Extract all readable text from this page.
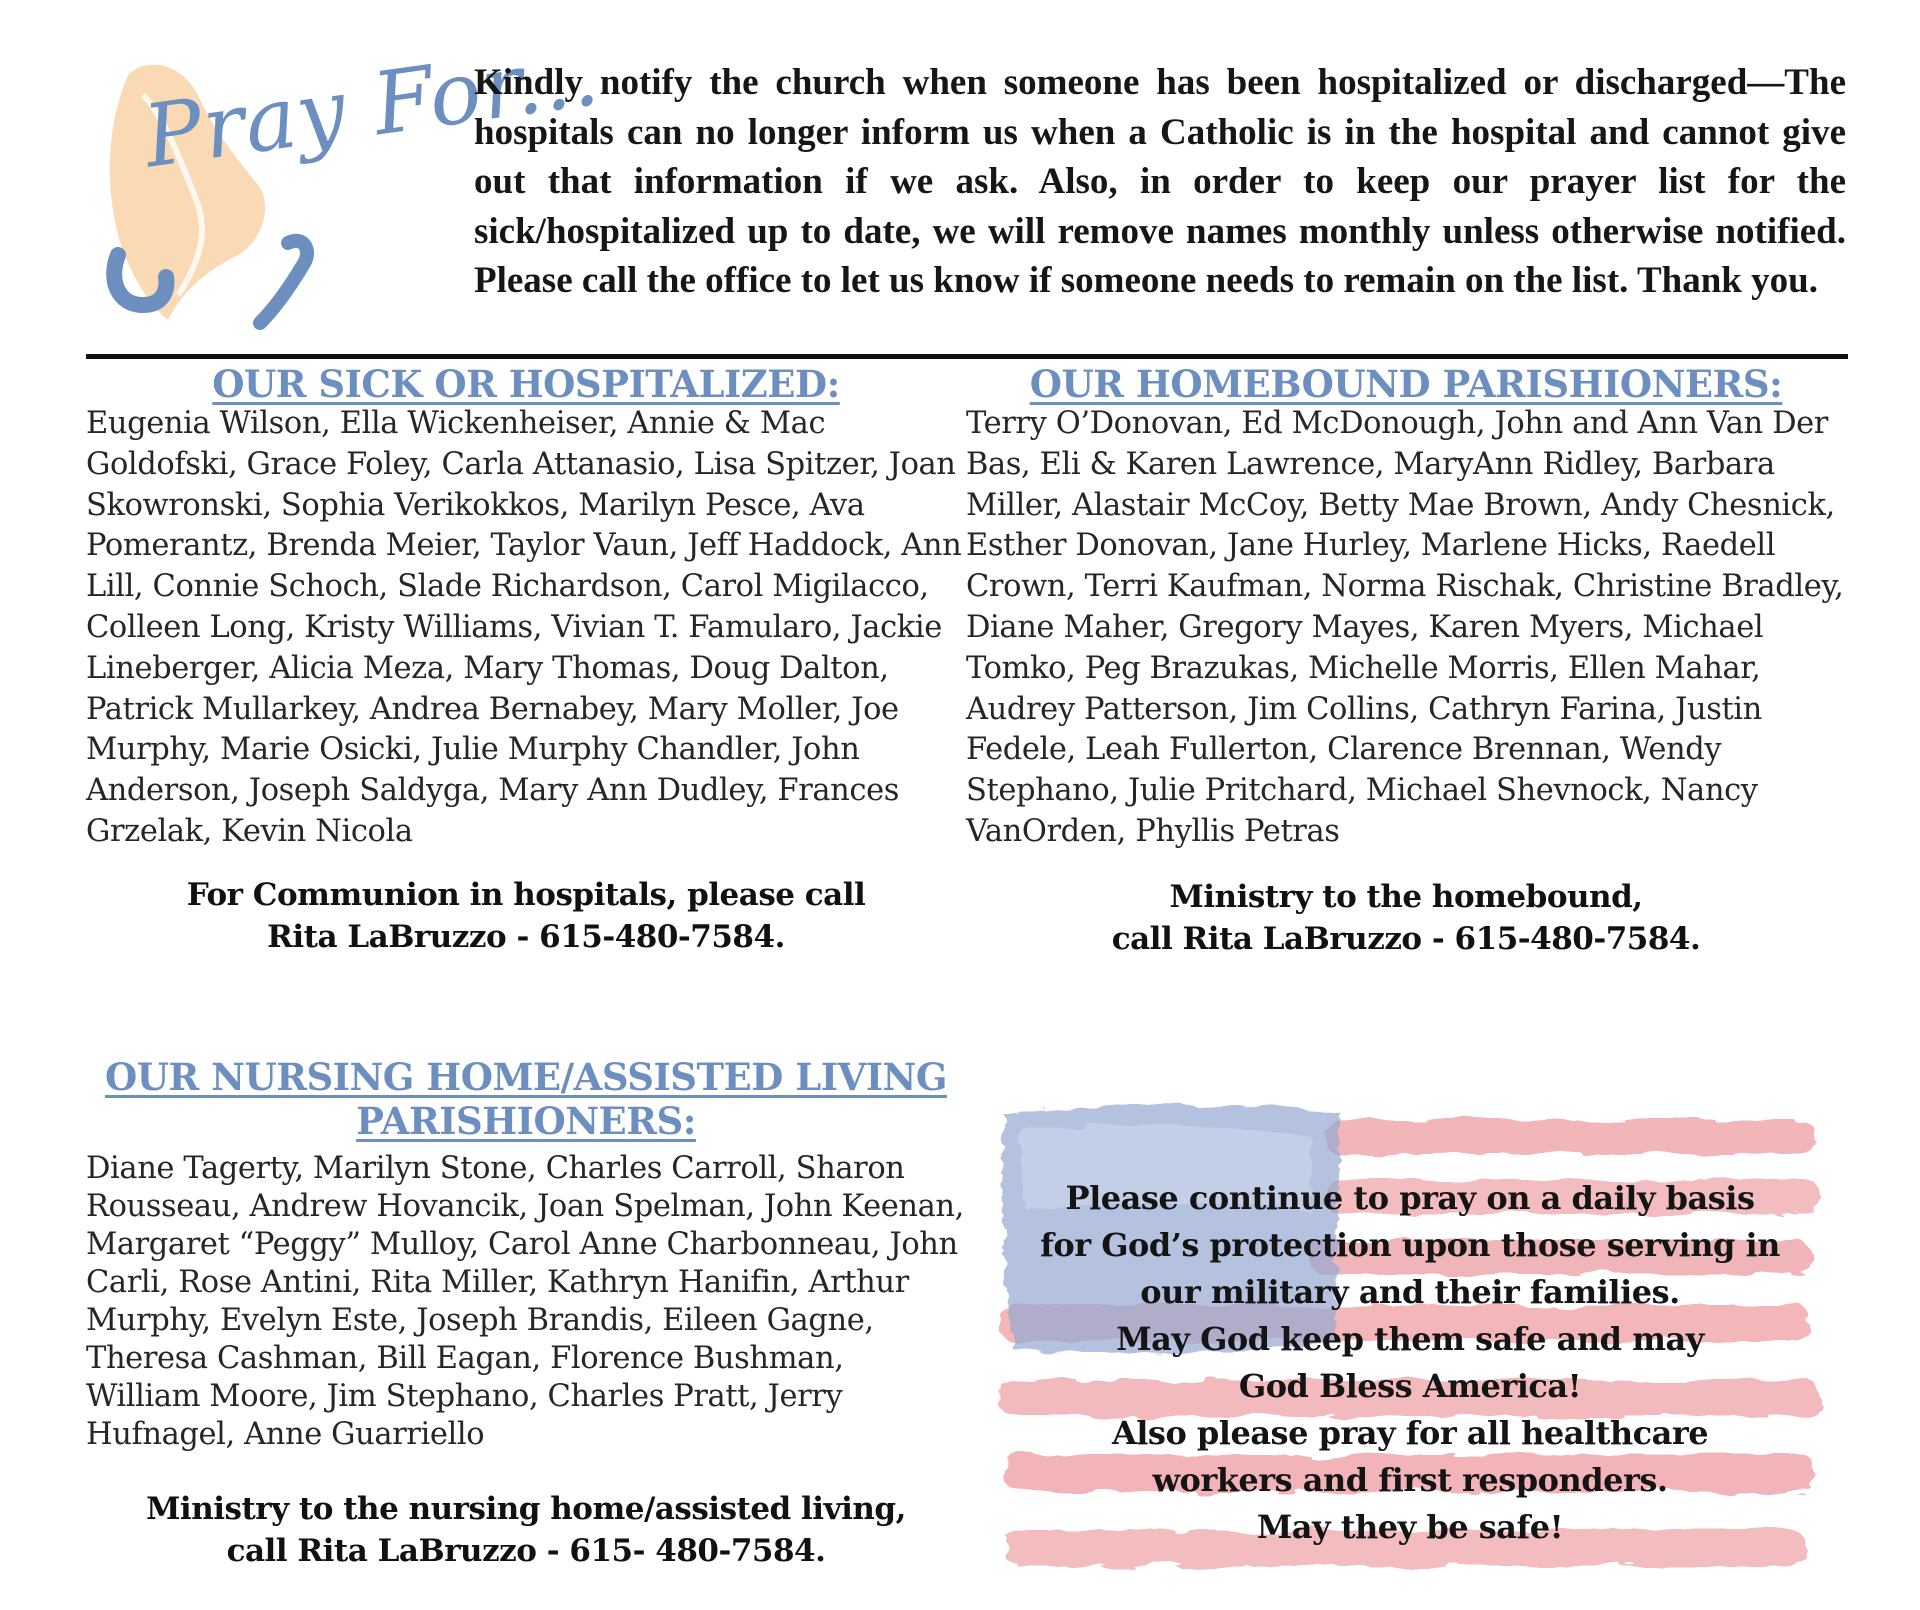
Pray For...
Kindly notify the church when someone has been hospitalized or discharged—The hospitals can no longer inform us when a Catholic is in the hospital and cannot give out that information if we ask. Also, in order to keep our prayer list for the sick/hospitalized up to date, we will remove names monthly unless otherwise notified. Please call the office to let us know if someone needs to remain on the list. Thank you.
OUR SICK OR HOSPITALIZED:
Eugenia Wilson, Ella Wickenheiser, Annie & Mac Goldofski, Grace Foley, Carla Attanasio, Lisa Spitzer, Joan Skowronski, Sophia Verikokkos, Marilyn Pesce, Ava Pomerantz, Brenda Meier, Taylor Vaun, Jeff Haddock, Ann Lill, Connie Schoch, Slade Richardson, Carol Migilacco, Colleen Long, Kristy Williams, Vivian T. Famularo, Jackie Lineberger, Alicia Meza, Mary Thomas, Doug Dalton, Patrick Mullarkey, Andrea Bernabey, Mary Moller, Joe Murphy, Marie Osicki, Julie Murphy Chandler, John Anderson, Joseph Saldyga, Mary Ann Dudley, Frances Grzelak, Kevin Nicola
For Communion in hospitals, please call
Rita LaBruzzo - 615-480-7584.
OUR HOMEBOUND PARISHIONERS:
Terry O’Donovan, Ed McDonough, John and Ann Van Der Bas, Eli & Karen Lawrence, MaryAnn Ridley, Barbara Miller, Alastair McCoy, Betty Mae Brown, Andy Chesnick, Esther Donovan, Jane Hurley, Marlene Hicks, Raedell Crown, Terri Kaufman, Norma Rischak, Christine Bradley, Diane Maher, Gregory Mayes, Karen Myers, Michael Tomko, Peg Brazukas, Michelle Morris, Ellen Mahar, Audrey Patterson, Jim Collins, Cathryn Farina, Justin Fedele, Leah Fullerton, Clarence Brennan, Wendy Stephano, Julie Pritchard, Michael Shevnock, Nancy VanOrden, Phyllis Petras
Ministry to the homebound,
call Rita LaBruzzo - 615-480-7584.
OUR NURSING HOME/ASSISTED LIVING
PARISHIONERS:
Diane Tagerty, Marilyn Stone, Charles Carroll, Sharon Rousseau, Andrew Hovancik, Joan Spelman, John Keenan, Margaret “Peggy” Mulloy, Carol Anne Charbonneau, John Carli, Rose Antini, Rita Miller, Kathryn Hanifin, Arthur Murphy, Evelyn Este, Joseph Brandis, Eileen Gagne, Theresa Cashman, Bill Eagan, Florence Bushman, William Moore, Jim Stephano, Charles Pratt, Jerry Hufnagel, Anne Guarriello
Ministry to the nursing home/assisted living,
call Rita LaBruzzo - 615- 480-7584.
Please continue to pray on a daily basis
for God’s protection upon those serving in
our military and their families.
May God keep them safe and may
God Bless America!
Also please pray for all healthcare
workers and first responders.
May they be safe!
